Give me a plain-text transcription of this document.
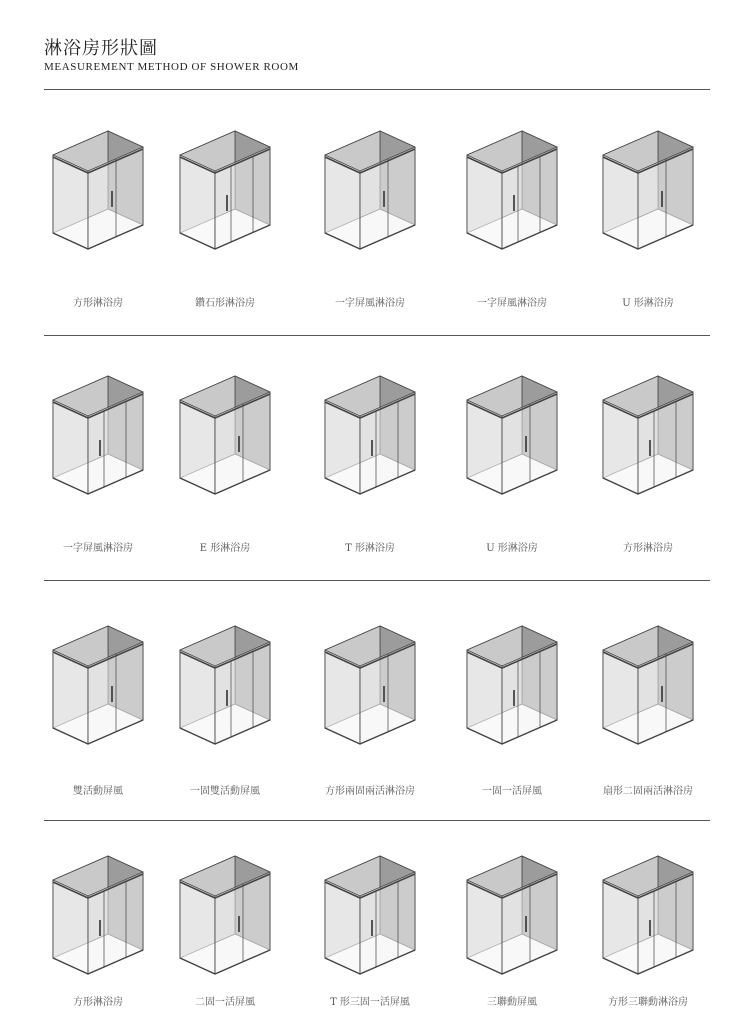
淋浴房形狀圖
MEASUREMENT METHOD OF SHOWER ROOM
方形淋浴房	鑽石形淋浴房	一字屏風淋浴房	一字屏風淋浴房	U 形淋浴房
一字屏風淋浴房	E 形淋浴房	T 形淋浴房	U 形淋浴房	方形淋浴房
雙活動屏風	一固雙活動屏風	方形兩固兩活淋浴房	一固一活屏風	扇形二固兩活淋浴房
方形淋浴房	二固一活屏風	T 形三固一活屏風	三聯動屏風	方形三聯動淋浴房
